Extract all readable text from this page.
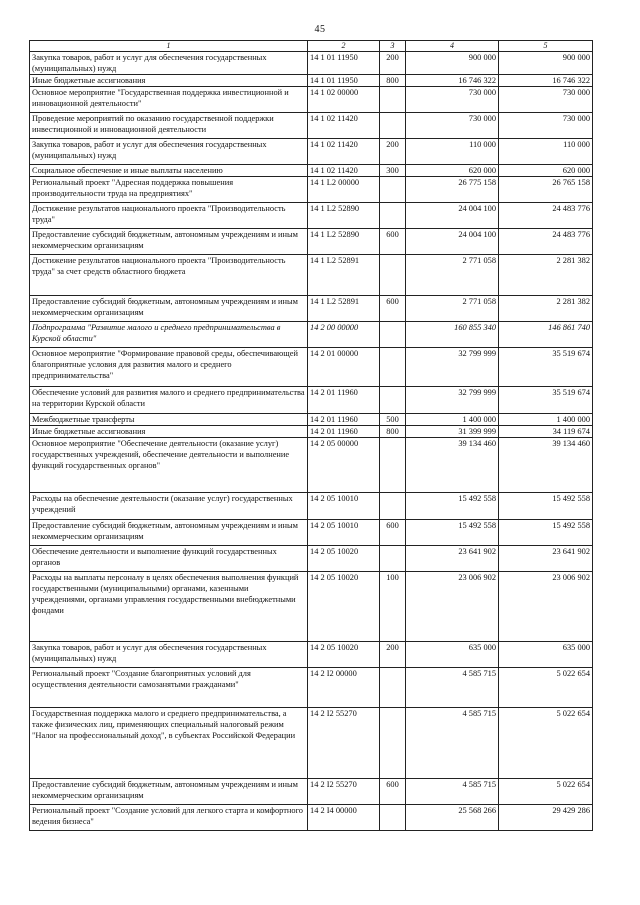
45
1	2	3	4	5
Закупка товаров, работ и услуг для обеспечения государственных (муниципальных) нужд	14 1 01 11950	200	900 000	900 000
Иные бюджетные ассигнования	14 1 01 11950	800	16 746 322	16 746 322
Основное мероприятие "Государственная поддержка инвестиционной и инновационной деятельности"	14 1 02 00000		730 000	730 000
Проведение мероприятий по оказанию государственной поддержки инвестиционной и инновационной деятельности	14 1 02 11420		730 000	730 000
Закупка товаров, работ и услуг для обеспечения государственных (муниципальных) нужд	14 1 02 11420	200	110 000	110 000
Социальное обеспечение и иные выплаты населению	14 1 02 11420	300	620 000	620 000
Региональный проект "Адресная поддержка повышения производительности труда на предприятиях"	14 1 L2 00000		26 775 158	26 765 158
Достижение результатов национального проекта "Производительность труда"	14 1 L2 52890		24 004 100	24 483 776
Предоставление субсидий бюджетным, автономным учреждениям и иным некоммерческим организациям	14 1 L2 52890	600	24 004 100	24 483 776
Достижение результатов национального проекта "Производительность труда" за счет средств областного бюджета	14 1 L2 52891		2 771 058	2 281 382
Предоставление субсидий бюджетным, автономным учреждениям и иным некоммерческим организациям	14 1 L2 52891	600	2 771 058	2 281 382
Подпрограмма "Развитие малого и среднего предпринимательства в Курской области"	14 2 00 00000		160 855 340	146 861 740
Основное мероприятие "Формирование правовой среды, обеспечивающей благоприятные условия для развития малого и среднего предпринимательства"	14 2 01 00000		32 799 999	35 519 674
Обеспечение условий для развития малого и среднего предпринимательства на территории Курской области	14 2 01 11960		32 799 999	35 519 674
Межбюджетные трансферты	14 2 01 11960	500	1 400 000	1 400 000
Иные бюджетные ассигнования	14 2 01 11960	800	31 399 999	34 119 674
Основное мероприятие "Обеспечение деятельности (оказание услуг) государственных учреждений, обеспечение деятельности и выполнение функций государственных органов"	14 2 05 00000		39 134 460	39 134 460
Расходы на обеспечение деятельности (оказание услуг) государственных учреждений	14 2 05 10010		15 492 558	15 492 558
Предоставление субсидий бюджетным, автономным учреждениям и иным некоммерческим организациям	14 2 05 10010	600	15 492 558	15 492 558
Обеспечение деятельности и выполнение функций государственных органов	14 2 05 10020		23 641 902	23 641 902
Расходы на выплаты персоналу в целях обеспечения выполнения функций государственными (муниципальными) органами, казенными учреждениями, органами управления государственными внебюджетными фондами	14 2 05 10020	100	23 006 902	23 006 902
Закупка товаров, работ и услуг для обеспечения государственных (муниципальных) нужд	14 2 05 10020	200	635 000	635 000
Региональный проект "Создание благоприятных условий для осуществления деятельности самозанятыми гражданами"	14 2 I2 00000		4 585 715	5 022 654
Государственная поддержка малого и среднего предпринимательства, а также физических лиц, применяющих специальный налоговый режим "Налог на профессиональный доход", в субъектах Российской Федерации	14 2 I2 55270		4 585 715	5 022 654
Предоставление субсидий бюджетным, автономным учреждениям и иным некоммерческим организациям	14 2 I2 55270	600	4 585 715	5 022 654
Региональный проект "Создание условий для легкого старта и комфортного ведения бизнеса"	14 2 I4 00000		25 568 266	29 429 286
